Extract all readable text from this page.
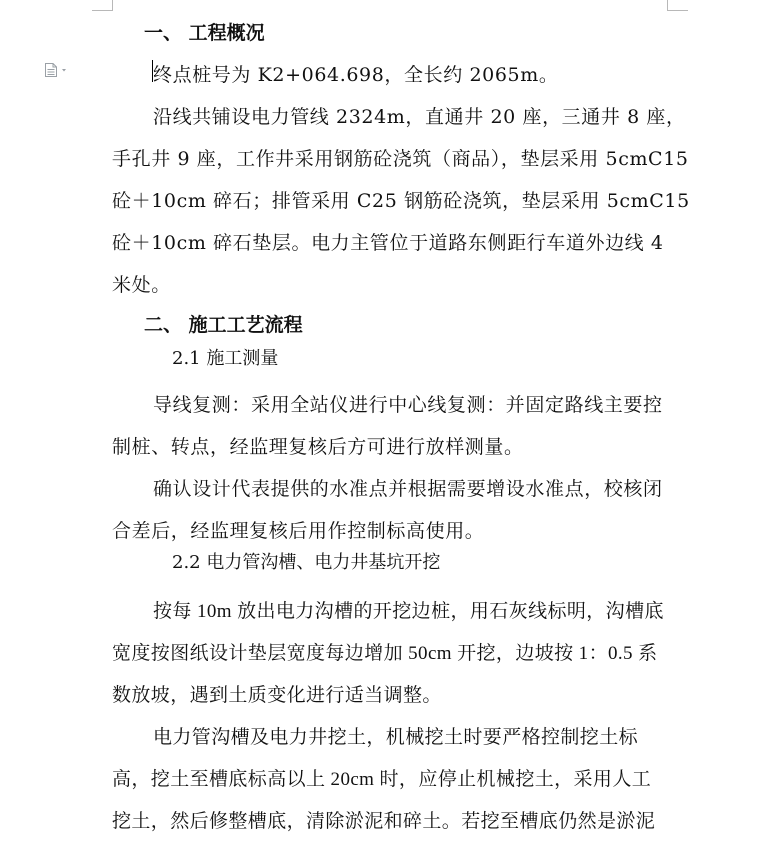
一、 工程概况

终点桩号为 K2+064.698，全长约 2065m。

沿线共铺设电力管线 2324m，直通井 20 座，三通井 8 座，

手孔井 9 座，工作井采用钢筋砼浇筑（商品），垫层采用 5cmC15

砼＋10cm 碎石；排管采用 C25 钢筋砼浇筑，垫层采用 5cmC15

砼＋10cm 碎石垫层。电力主管位于道路东侧距行车道外边线 4

米处。

二、 施工工艺流程

2.1 施工测量

导线复测：采用全站仪进行中心线复测：并固定路线主要控

制桩、转点，经监理复核后方可进行放样测量。

确认设计代表提供的水准点并根据需要增设水准点，校核闭

合差后，经监理复核后用作控制标高使用。

2.2 电力管沟槽、电力井基坑开挖

按每 10m 放出电力沟槽的开挖边桩，用石灰线标明，沟槽底

宽度按图纸设计垫层宽度每边增加 50cm 开挖，边坡按 1：0.5 系

数放坡，遇到土质变化进行适当调整。

电力管沟槽及电力井挖土，机械挖土时要严格控制挖土标

高，挖土至槽底标高以上 20cm 时，应停止机械挖土，采用人工

挖土，然后修整槽底，清除淤泥和碎土。若挖至槽底仍然是淤泥
